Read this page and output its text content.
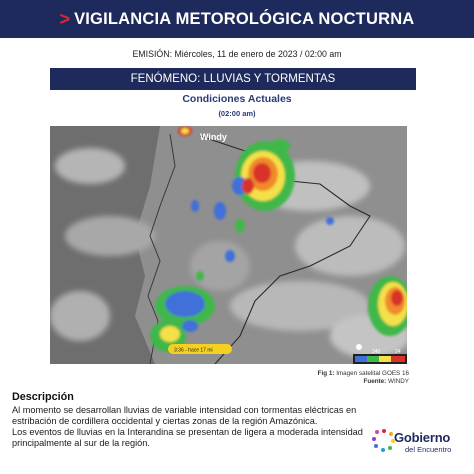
> VIGILANCIA METOROLÓGICA NOCTURNA
EMISIÓN: Miércoles, 11 de enero de 2023 / 02:00 am
FENÓMENO: LLUVIAS Y TORMENTAS
Condiciones Actuales
(02:00 am)
Windy
3:36 - hace 17 mi	240	24
Fig 1: Imagen satelital GOES 16
Fuente: WINDY
Descripción

Al momento se desarrollan lluvias de variable intensidad con tormentas eléctricas en estribación de cordillera occidental y ciertas zonas de la región Amazónica.

Los eventos de lluvias en la Interandina se presentan de ligera a moderada intensidad principalmente al sur de la región.	Gobierno
del Encuentro
